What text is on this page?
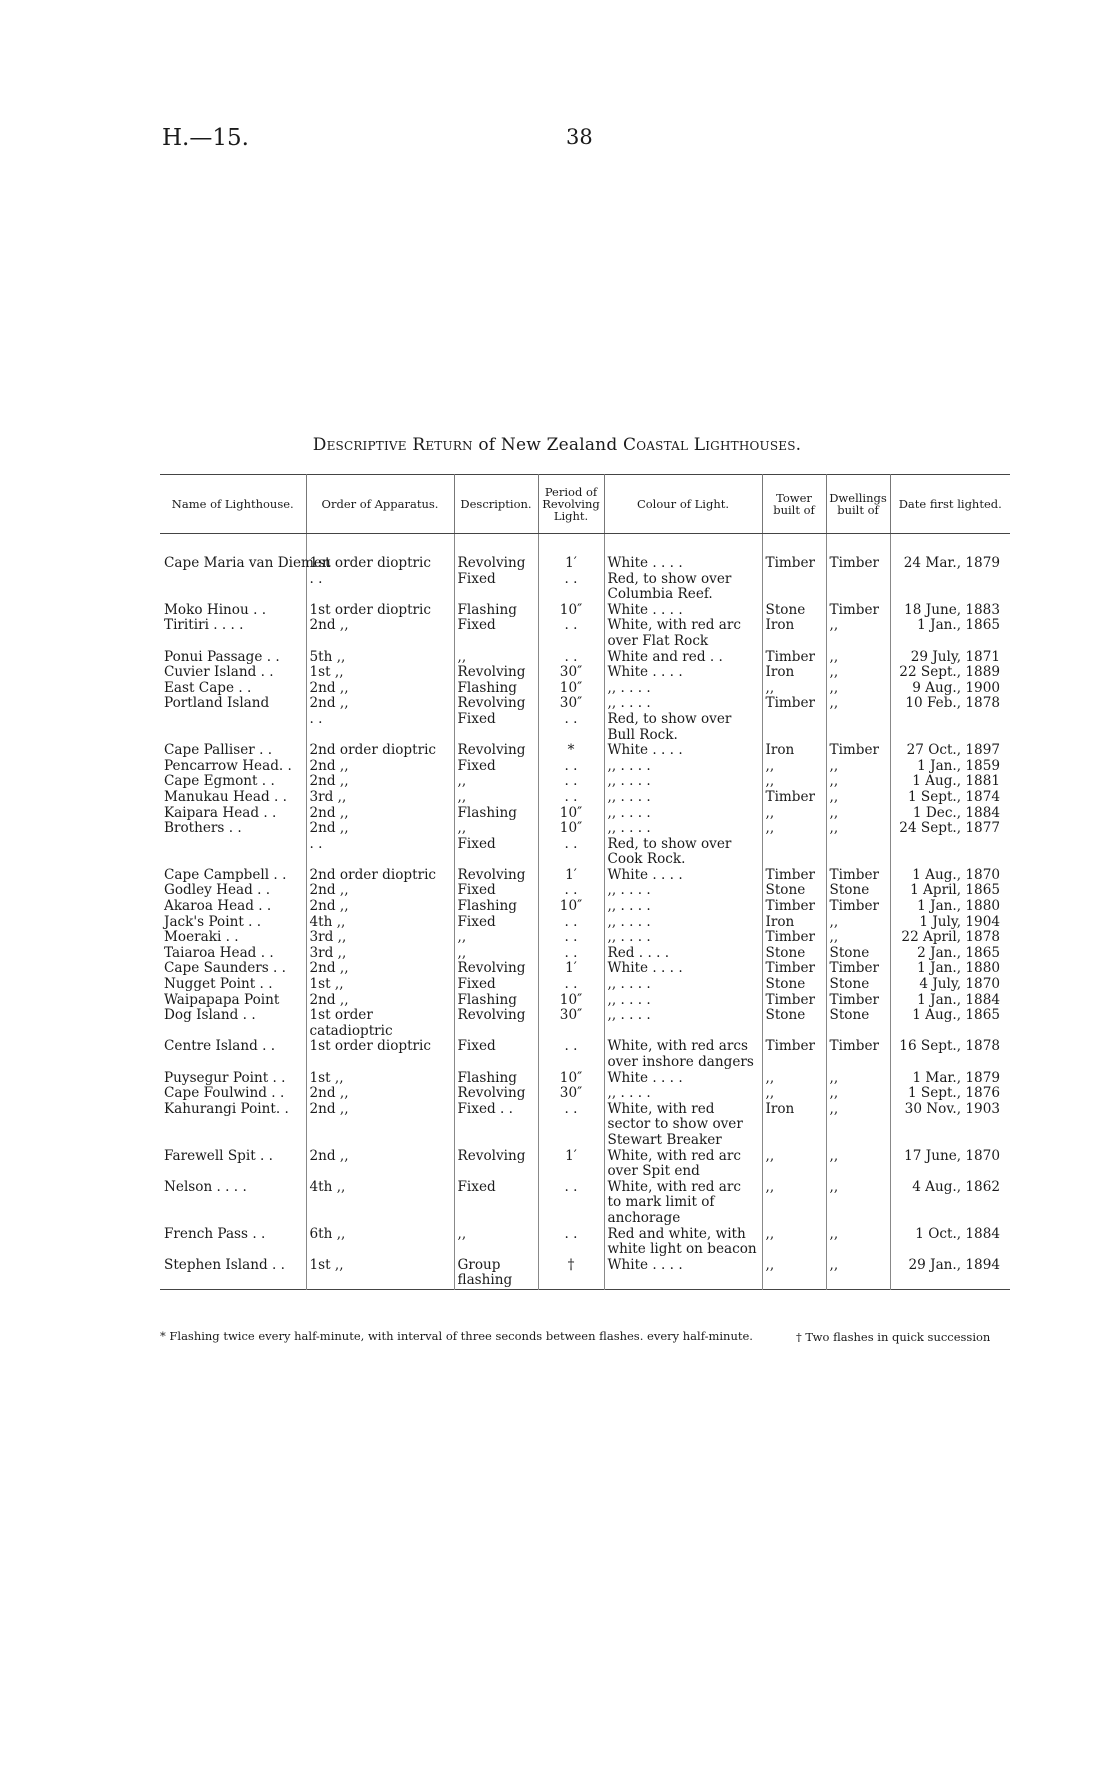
H.—15.	38
Descriptive Return of New Zealand Coastal Lighthouses.
Name of Lighthouse.	Order of Apparatus.	Description.	Period of Revolving Light.	Colour of Light.	Tower built of	Dwellings built of	Date first lighted.

Cape Maria van Diemen	1st order dioptric	Revolving	1′	White . . . .	Timber	Timber	24 Mar., 1879
	. .	Fixed	. .	Red, to show over Columbia Reef.			
Moko Hinou . .	1st order dioptric	Flashing	10″	White . . . .	Stone	Timber	18 June, 1883
Tiritiri . . . .	2nd ,,	Fixed	. .	White, with red arc over Flat Rock	Iron	,,	1 Jan., 1865
Ponui Passage . .	5th ,,	,,	. .	White and red . .	Timber	,,	29 July, 1871
Cuvier Island . .	1st ,,	Revolving	30″	White . . . .	Iron	,,	22 Sept., 1889
East Cape . .	2nd ,,	Flashing	10″	,, . . . .	,,	,,	9 Aug., 1900
Portland Island	2nd ,,	Revolving	30″	,, . . . .	Timber	,,	10 Feb., 1878
	. .	Fixed	. .	Red, to show over Bull Rock.			
Cape Palliser . .	2nd order dioptric	Revolving	*	White . . . .	Iron	Timber	27 Oct., 1897
Pencarrow Head. .	2nd ,,	Fixed	. .	,, . . . .	,,	,,	1 Jan., 1859
Cape Egmont . .	2nd ,,	,,	. .	,, . . . .	,,	,,	1 Aug., 1881
Manukau Head . .	3rd ,,	,,	. .	,, . . . .	Timber	,,	1 Sept., 1874
Kaipara Head . .	2nd ,,	Flashing	10″	,, . . . .	,,	,,	1 Dec., 1884
Brothers . .	2nd ,,	,,	10″	,, . . . .	,,	,,	24 Sept., 1877
	. .	Fixed	. .	Red, to show over Cook Rock.			
Cape Campbell . .	2nd order dioptric	Revolving	1′	White . . . .	Timber	Timber	1 Aug., 1870
Godley Head . .	2nd ,,	Fixed	. .	,, . . . .	Stone	Stone	1 April, 1865
Akaroa Head . .	2nd ,,	Flashing	10″	,, . . . .	Timber	Timber	1 Jan., 1880
Jack's Point . .	4th ,,	Fixed	. .	,, . . . .	Iron	,,	1 July, 1904
Moeraki . .	3rd ,,	,,	. .	,, . . . .	Timber	,,	22 April, 1878
Taiaroa Head . .	3rd ,,	,,	. .	Red . . . .	Stone	Stone	2 Jan., 1865
Cape Saunders . .	2nd ,,	Revolving	1′	White . . . .	Timber	Timber	1 Jan., 1880
Nugget Point . .	1st ,,	Fixed	. .	,, . . . .	Stone	Stone	4 July, 1870
Waipapapa Point	2nd ,,	Flashing	10″	,, . . . .	Timber	Timber	1 Jan., 1884
Dog Island . .	1st order catadioptric	Revolving	30″	,, . . . .	Stone	Stone	1 Aug., 1865
Centre Island . .	1st order dioptric	Fixed	. .	White, with red arcs over inshore dangers	Timber	Timber	16 Sept., 1878
Puysegur Point . .	1st ,,	Flashing	10″	White . . . .	,,	,,	1 Mar., 1879
Cape Foulwind . .	2nd ,,	Revolving	30″	,, . . . .	,,	,,	1 Sept., 1876
Kahurangi Point. .	2nd ,,	Fixed . .	. .	White, with red sector to show over Stewart Breaker	Iron	,,	30 Nov., 1903
Farewell Spit . .	2nd ,,	Revolving	1′	White, with red arc over Spit end	,,	,,	17 June, 1870
Nelson . . . .	4th ,,	Fixed	. .	White, with red arc to mark limit of anchorage	,,	,,	4 Aug., 1862
French Pass . .	6th ,,	,,	. .	Red and white, with white light on beacon	,,	,,	1 Oct., 1884
Stephen Island . .	1st ,,	Group flashing	†	White . . . .	,,	,,	29 Jan., 1894
* Flashing twice every half-minute, with interval of three seconds between flashes. every half-minute.	† Two flashes in quick succession
